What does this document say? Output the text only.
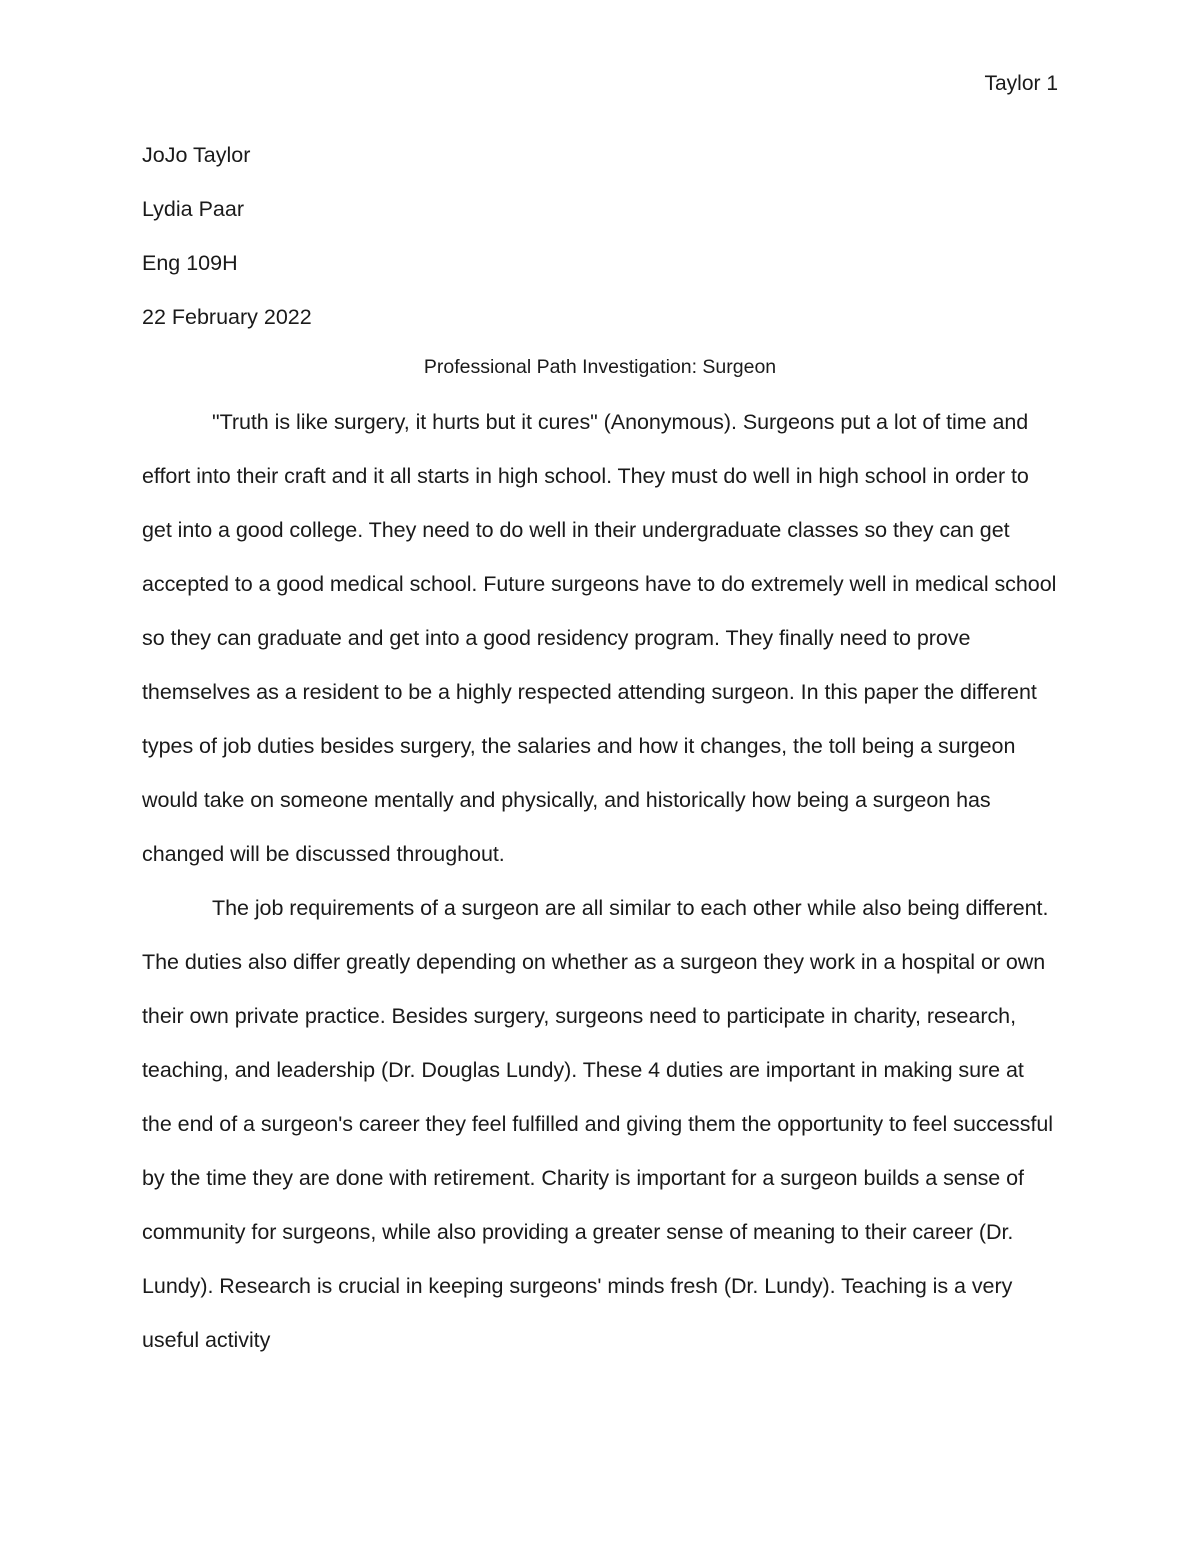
Taylor 1
JoJo Taylor
Lydia Paar
Eng 109H
22 February 2022
Professional Path Investigation: Surgeon

"Truth is like surgery, it hurts but it cures" (Anonymous). Surgeons put a lot of time and effort into their craft and it all starts in high school. They must do well in high school in order to get into a good college. They need to do well in their undergraduate classes so they can get accepted to a good medical school. Future surgeons have to do extremely well in medical school so they can graduate and get into a good residency program. They finally need to prove themselves as a resident to be a highly respected attending surgeon. In this paper the different types of job duties besides surgery, the salaries and how it changes, the toll being a surgeon would take on someone mentally and physically, and historically how being a surgeon has changed will be discussed throughout.

The job requirements of a surgeon are all similar to each other while also being different. The duties also differ greatly depending on whether as a surgeon they work in a hospital or own their own private practice. Besides surgery, surgeons need to participate in charity, research, teaching, and leadership (Dr. Douglas Lundy). These 4 duties are important in making sure at the end of a surgeon's career they feel fulfilled and giving them the opportunity to feel successful by the time they are done with retirement. Charity is important for a surgeon builds a sense of community for surgeons, while also providing a greater sense of meaning to their career (Dr. Lundy). Research is crucial in keeping surgeons' minds fresh (Dr. Lundy). Teaching is a very useful activity
